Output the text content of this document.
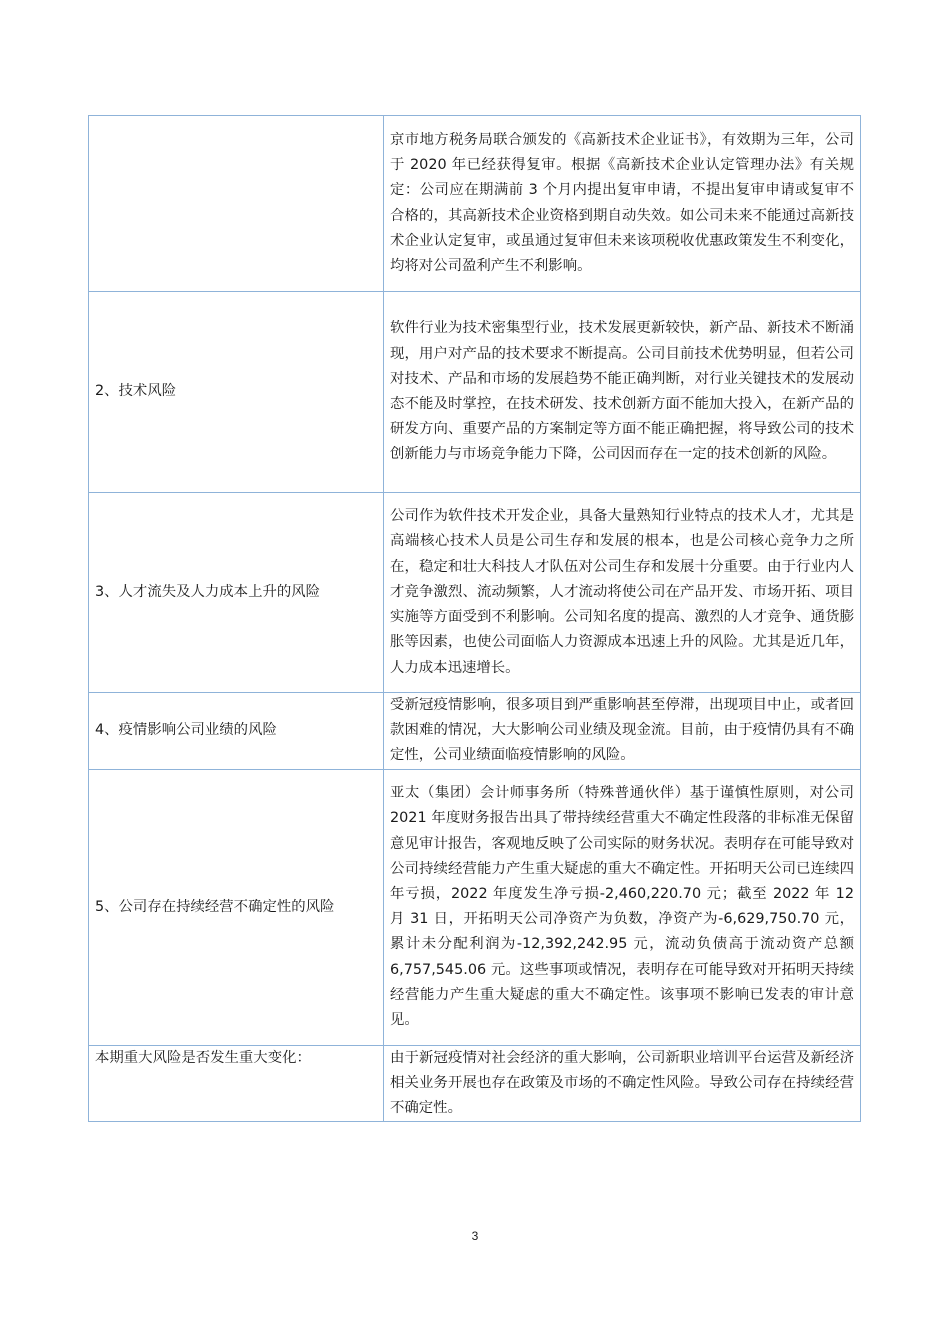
	京市地方税务局联合颁发的《高新技术企业证书》，有效期为三年，公司于 2020 年已经获得复审。根据《高新技术企业认定管理办法》有关规定：公司应在期满前 3 个月内提出复审申请，不提出复审申请或复审不合格的，其高新技术企业资格到期自动失效。如公司未来不能通过高新技术企业认定复审，或虽通过复审但未来该项税收优惠政策发生不利变化，均将对公司盈利产生不利影响。
2、技术风险	软件行业为技术密集型行业，技术发展更新较快，新产品、新技术不断涌现，用户对产品的技术要求不断提高。公司目前技术优势明显，但若公司对技术、产品和市场的发展趋势不能正确判断，对行业关键技术的发展动态不能及时掌控，在技术研发、技术创新方面不能加大投入，在新产品的研发方向、重要产品的方案制定等方面不能正确把握，将导致公司的技术创新能力与市场竞争能力下降，公司因而存在一定的技术创新的风险。
3、人才流失及人力成本上升的风险	公司作为软件技术开发企业，具备大量熟知行业特点的技术人才，尤其是高端核心技术人员是公司生存和发展的根本，也是公司核心竞争力之所在，稳定和壮大科技人才队伍对公司生存和发展十分重要。由于行业内人才竞争激烈、流动频繁，人才流动将使公司在产品开发、市场开拓、项目实施等方面受到不利影响。公司知名度的提高、激烈的人才竞争、通货膨胀等因素，也使公司面临人力资源成本迅速上升的风险。尤其是近几年，人力成本迅速增长。
4、疫情影响公司业绩的风险	受新冠疫情影响，很多项目到严重影响甚至停滞，出现项目中止，或者回款困难的情况，大大影响公司业绩及现金流。目前，由于疫情仍具有不确定性，公司业绩面临疫情影响的风险。
5、公司存在持续经营不确定性的风险	亚太（集团）会计师事务所（特殊普通伙伴）基于谨慎性原则，对公司 2021 年度财务报告出具了带持续经营重大不确定性段落的非标准无保留意见审计报告，客观地反映了公司实际的财务状况。表明存在可能导致对公司持续经营能力产生重大疑虑的重大不确定性。开拓明天公司已连续四年亏损，2022 年度发生净亏损-2,460,220.70 元；截至 2022 年 12 月 31 日，开拓明天公司净资产为负数，净资产为-6,629,750.70 元，累计未分配利润为-12,392,242.95 元，流动负债高于流动资产总额 6,757,545.06 元。这些事项或情况，表明存在可能导致对开拓明天持续经营能力产生重大疑虑的重大不确定性。该事项不影响已发表的审计意见。
本期重大风险是否发生重大变化：	由于新冠疫情对社会经济的重大影响，公司新职业培训平台运营及新经济相关业务开展也存在政策及市场的不确定性风险。导致公司存在持续经营不确定性。
3
